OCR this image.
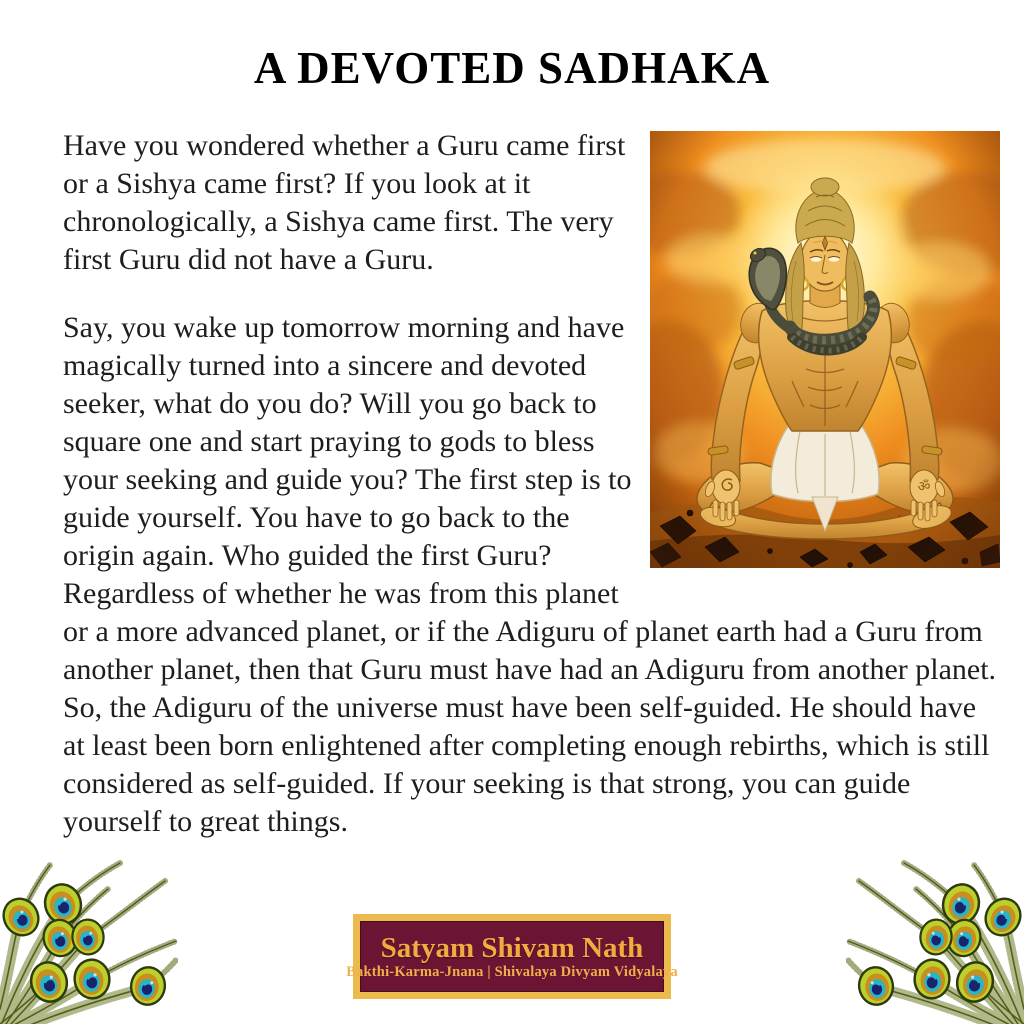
A DEVOTED SADHAKA

Have you wondered whether a Guru came first or a Sishya came first? If you look at it chronologically, a Sishya came first. The very first Guru did not have a Guru.

Say, you wake up tomorrow morning and have magically turned into a sincere and devoted seeker, what do you do? Will you go back to square one and start praying to gods to bless your seeking and guide you? The first step is to guide yourself. You have to go back to the origin again. Who guided the first Guru? Regardless of whether he was from this planet or a more advanced planet, or if the Adiguru of planet earth had a Guru from another planet, then that Guru must have had an Adiguru from another planet. So, the Adiguru of the universe must have been self-guided. He should have at least been born enlightened after completing enough rebirths, which is still considered as self-guided. If your seeking is that strong, you can guide yourself to great things.

Satyam Shivam Nath
Bakthi-Karma-Jnana | Shivalaya Divyam Vidyalaya
